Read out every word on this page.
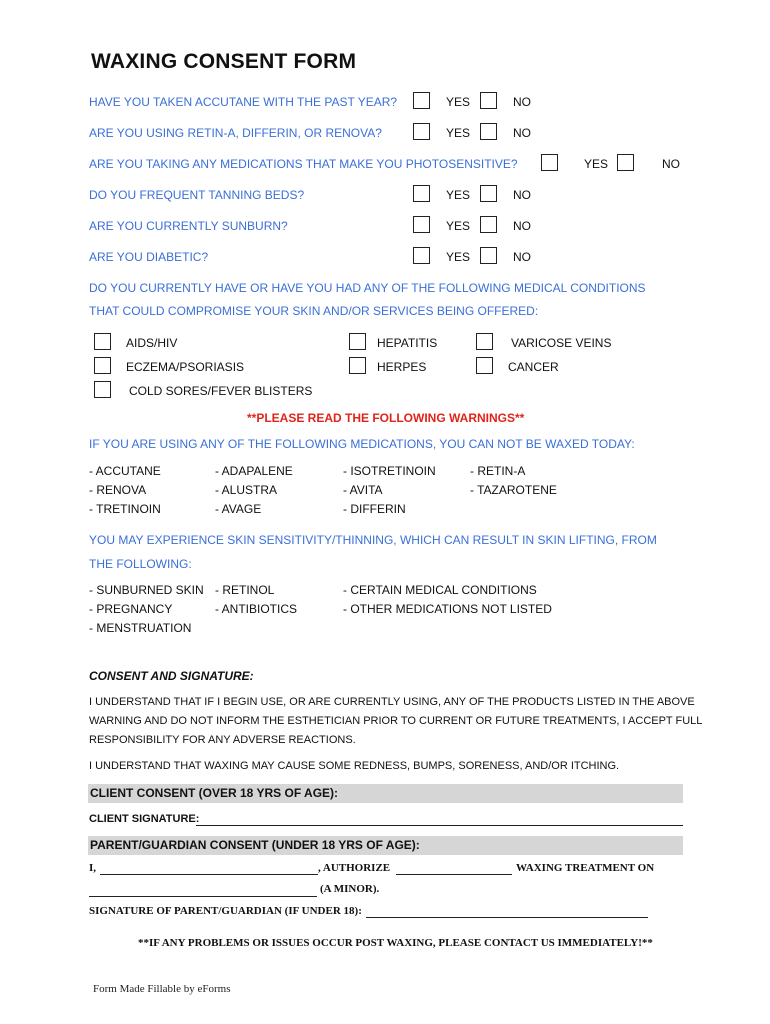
WAXING CONSENT FORM
HAVE YOU TAKEN ACCUTANE WITH THE PAST YEAR?	YES	NO
ARE YOU USING RETIN-A, DIFFERIN, OR RENOVA?	YES	NO
ARE YOU TAKING ANY MEDICATIONS THAT MAKE YOU PHOTOSENSITIVE?	YES	NO
DO YOU FREQUENT TANNING BEDS?	YES	NO
ARE YOU CURRENTLY SUNBURN?	YES	NO
ARE YOU DIABETIC?	YES	NO
DO YOU CURRENTLY HAVE OR HAVE YOU HAD ANY OF THE FOLLOWING MEDICAL CONDITIONS
THAT COULD COMPROMISE YOUR SKIN AND/OR SERVICES BEING OFFERED:
AIDS/HIV	HEPATITIS	VARICOSE VEINS
ECZEMA/PSORIASIS	HERPES	CANCER
COLD SORES/FEVER BLISTERS
**PLEASE READ THE FOLLOWING WARNINGS**
IF YOU ARE USING ANY OF THE FOLLOWING MEDICATIONS, YOU CAN NOT BE WAXED TODAY:
- ACCUTANE	- ADAPALENE	- ISOTRETINOIN	- RETIN-A
- RENOVA	- ALUSTRA	- AVITA	- TAZAROTENE
- TRETINOIN	- AVAGE	- DIFFERIN
YOU MAY EXPERIENCE SKIN SENSITIVITY/THINNING, WHICH CAN RESULT IN SKIN LIFTING, FROM
THE FOLLOWING:
- SUNBURNED SKIN - RETINOL	- CERTAIN MEDICAL CONDITIONS
- PREGNANCY	- ANTIBIOTICS	- OTHER MEDICATIONS NOT LISTED
- MENSTRUATION
CONSENT AND SIGNATURE:
I UNDERSTAND THAT IF I BEGIN USE, OR ARE CURRENTLY USING, ANY OF THE PRODUCTS LISTED IN THE ABOVE
WARNING AND DO NOT INFORM THE ESTHETICIAN PRIOR TO CURRENT OR FUTURE TREATMENTS, I ACCEPT FULL
RESPONSIBILITY FOR ANY ADVERSE REACTIONS.
I UNDERSTAND THAT WAXING MAY CAUSE SOME REDNESS, BUMPS, SORENESS, AND/OR ITCHING.
CLIENT CONSENT (OVER 18 YRS OF AGE):
CLIENT SIGNATURE:
PARENT/GUARDIAN CONSENT (UNDER 18 YRS OF AGE):
I,	, AUTHORIZE	WAXING TREATMENT ON
(A MINOR).
SIGNATURE OF PARENT/GUARDIAN (IF UNDER 18):
**IF ANY PROBLEMS OR ISSUES OCCUR POST WAXING, PLEASE CONTACT US IMMEDIATELY!**
Form Made Fillable by eForms
